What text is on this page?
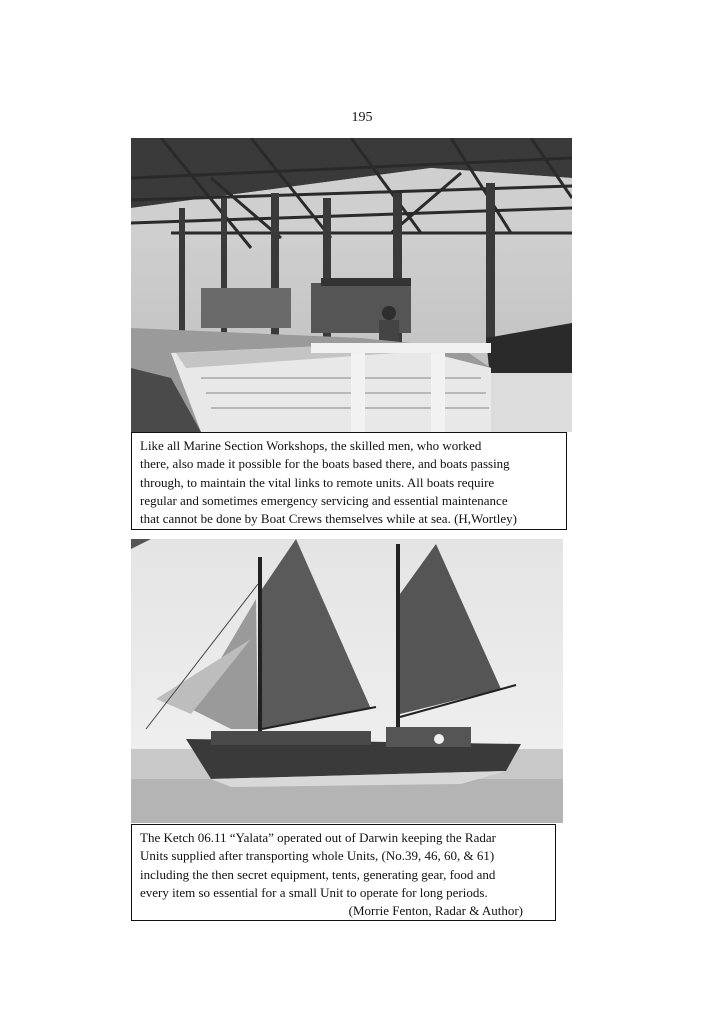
195
Like all Marine Section Workshops, the skilled men, who worked
there, also made it possible for the boats based there, and boats passing
through, to maintain the vital links to remote units. All boats require
regular and sometimes emergency servicing and essential maintenance
that cannot be done by Boat Crews themselves while at sea. (H,Wortley)
The Ketch 06.11 “Yalata” operated out of Darwin keeping the Radar
Units supplied after transporting whole Units, (No.39, 46, 60, & 61)
including the then secret equipment, tents, generating gear, food and
every item so essential for a small Unit to operate for long periods.
(Morrie Fenton, Radar & Author)
